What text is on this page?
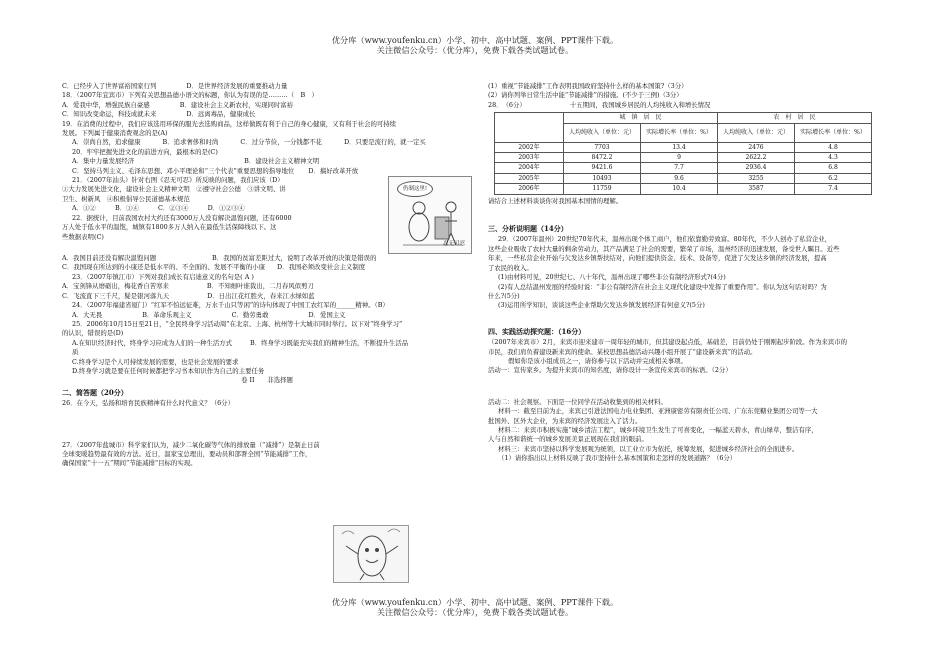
优分库（www.youfenku.cn）小学、初中、高中试题、案例、PPT课件下载。
关注微信公众号：（优分库），免费下载各类试题试卷。

C．已经步入了世界富裕国家行列	D．是世界经济发展的重要推动力量

18．（2007年宜宾市）下列有关思想品德小语文的标题，你认为有误的是………（　B　）

A．爱我中华，增强民族自豪感	B．建设社会主义新农村，实现同时富裕

C．知识改变命运，科技成就未来	D．远离毒品，健康成长

19．在消费的过程中，我们应该选用环保的服光去选购商品，这样做既有利于自己的身心健康，又有利于社会的可持续

发展。下列属于健康消费观念的是(A)

A．崇尚自然，追求健康	B．追求奢侈和时尚	C．过分节俭，一分钱都不花	D．只要是流行的，就一定买

20．牢牢把握先进文化的前进方向，最根本的是(C)

A．集中力量发展经济	B．建设社会主义精神文明

C．坚持马列主义、毛泽东思想、邓小平理论和“三个代表”重要思想的指导地位 D．搞好改革开放

21．（2007年汕头）针对右图《忍无可忍》所反映的问题，我们应该（D）

①大力发展先进文化，建设社会主义精神文明　②遵守社会公德　③讲文明、讲

卫生、树新风　④积极倡导公民道德基本规范

A．①②　　　B．①④　　　C．②③④　　　D．①②③④

22．据统计，目前我国农村大约还有3000万人没有解决温饱问题，还有6000

万人处于低水平的温饱，城镇有1800多万人纳入在最低生活保障线以下。这

些数据表明(C)

仍制这里!
忍无可忍

A．我国目前还没有解决温饱问题	B．我国的贫富差距过大，说明了改革开放的决策是错误的

C．我国现在所达到的小康还是低水平的、不全面的、发展不平衡的小康 D．我国必须改变社会主义制度

23．（2007年镇江市）下列对我们成长有启迪意义的名句是( A )

A．宝剑锋从磨砺出，梅花香自苦寒来	B．不知细叶谁裁出，二月春风似剪刀

C．飞流直下三千尺，疑是银河落九天	D．日出江花红胜火，春来江水绿如蓝

24．（2007年福建省厦门）“红军不怕远征难，万水千山只等闲”的诗句体现了中国工农红军的______精神。（B）

A．大无畏	B．革命乐观主义	C．勤劳勇敢	D．爱国主义

25．2006年10月15日至21日，“全民终身学习活动周”在北京、上海、杭州等十大城市同时举行。以下对“终身学习”

的认识，错误的是(D)

A.在知识经济时代，终身学习应成为人们的一种生活方式	B．终身学习既能充实我们的精神生活，不断提升生活品

质

C.终身学习是个人可持续发展的需要，也是社会发展的要求

D.终身学习就是要在任何时候都把学习书本知识作为自己的主要任务

卷 II　　非选择题

二、简答题（20分）

26．在今天，弘扬和培育民族精神有什么时代意义？（6分）

27．（2007年盐城市）科学家们认为，减少二氧化碳等气体的排放量（“减排”）是制止日前

全球变暖趋势最有效的方法。近日，温家宝总理出，要动员和部署全国“节能减排”工作，

确保国家“十一五”期间“节能减排”目标的实现。

(1）重视“节能减排”工作表明我国政府坚持什么样的基本国策?（3分）

(2）请你列举日常生活中能“节能减排”的措施。(不少于三例)（3分）

28．　（6分）	十五期间，我国城乡居民的人均纯收入和增长情况

	城　镇　居　民		农　村　居　民	
	人均纯收入（单位：元）	实际增长率（单位：%）	人均纯收入（单位：元）	实际增长率（单位：%）
2002年	7703	13.4	2476	4.8
2003年	8472.2	9	2622.2	4.3
2004年	9421.6	7.7	2936.4	6.8
2005年	10493	9.6	3255	6.2
2006年	11759	10.4	3587	7.4

请结合上述材料谈谈你对我国基本国情的理解。

三、分析说明题（14分）

29．（2007年温州）20世纪70年代末，温州出现个体工商户，他们依靠勤劳致富。80年代，不少人创办了私营企业，

这些企业吸收了农村大量的剩余劳动力，其产品满足了社会的需要，繁荣了市场，温州经济的迅速发展，备受世人瞩目。近些

年来，一些私营企业开始与欠发达乡镇帮扶结对，向他们提供资金、技术、设备等，促进了欠发达乡镇的经济发展，提高

了农民的收入。

(1)由材料可见，20世纪七、八十年代，温州出现了哪些非公有制经济形式?(4分)

(2)有人总结温州发展的经验时说：“非公有制经济在社会主义现代化建设中发挥了重要作用”。你认为这句话对吗？为

什么?(5分)

(3)运用所学知识，谈谈这些企业帮助欠发达乡镇发展经济有何意义?(5分)

四、实践活动探究题：（16分）

（2007年来宾市）2月，来宾市迎来建市一周年轻的城市，但其建设起点低，基础差，目前仍处于刚刚起步阶段。作为来宾市的

市民，我们肩负着建设新来宾的使命。某校思想品德活动兴趣小组开展了“建设新来宾”的活动。

假如你是该小组成员之一，请你参与以下活动并完成相关事项。

活动一：宣传家乡。为提升来宾市的知名度，请你设计一条宣传来宾市的标语。（2分）

活动二：社会观察。下面是一位同学在活动收集到的相关材料。

材料一：截至目前为止，来宾已引进法国电力电业集团、亚洲康密劳有限责任公司、广东东莞糖业集团公司等一大

批国外、区外大企业，为来宾的经济发展注入了活力。

材料二：来宾市积极实施“城乡清洁工程”，城乡环境卫生发生了可喜变化，一幅蓝天碧水，青山绿草，整洁有序，

人与自然和谐统一的城乡发展美景正展现在我们的眼前。

材料三：来宾市坚持以科学发展观为统领，以工业立市为依托，统筹发展，促进城乡经济社会的全面进步。

（1）请你指出以上材料反映了我市坚持什么基本国策和走怎样的发展道路？（6分）

优分库（www.youfenku.cn）小学、初中、高中试题、案例、PPT课件下载。
关注微信公众号：（优分库），免费下载各类试题试卷。
